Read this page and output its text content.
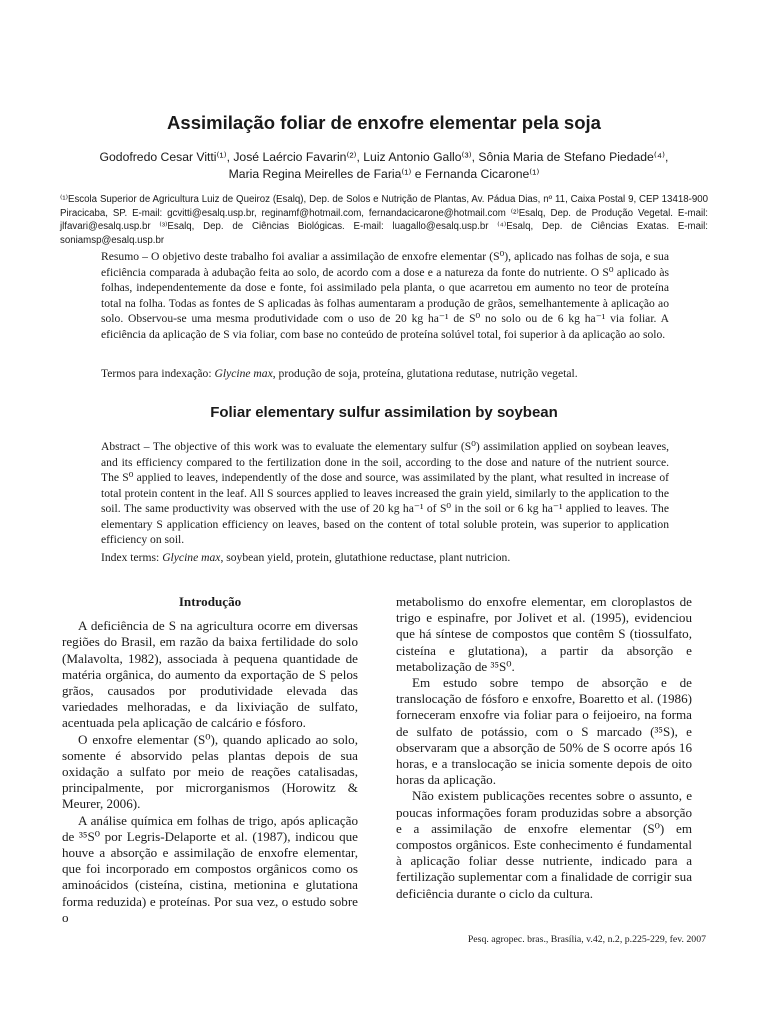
Assimilação foliar de enxofre elementar pela soja
Godofredo Cesar Vitti⁽¹⁾, José Laércio Favarin⁽²⁾, Luiz Antonio Gallo⁽³⁾, Sônia Maria de Stefano Piedade⁽⁴⁾,
Maria Regina Meirelles de Faria⁽¹⁾ e Fernanda Cicarone⁽¹⁾
⁽¹⁾Escola Superior de Agricultura Luiz de Queiroz (Esalq), Dep. de Solos e Nutrição de Plantas, Av. Pádua Dias, nº 11, Caixa Postal 9, CEP 13418-900 Piracicaba, SP. E-mail: gcvitti@esalq.usp.br, reginamf@hotmail.com, fernandacicarone@hotmail.com ⁽²⁾Esalq, Dep. de Produção Vegetal. E-mail: jlfavari@esalq.usp.br ⁽³⁾Esalq, Dep. de Ciências Biológicas. E-mail: luagallo@esalq.usp.br ⁽⁴⁾Esalq, Dep. de Ciências Exatas. E-mail: soniamsp@esalq.usp.br
Resumo – O objetivo deste trabalho foi avaliar a assimilação de enxofre elementar (S⁰), aplicado nas folhas de soja, e sua eficiência comparada à adubação feita ao solo, de acordo com a dose e a natureza da fonte do nutriente. O S⁰ aplicado às folhas, independentemente da dose e fonte, foi assimilado pela planta, o que acarretou em aumento no teor de proteína total na folha. Todas as fontes de S aplicadas às folhas aumentaram a produção de grãos, semelhantemente à aplicação ao solo. Observou-se uma mesma produtividade com o uso de 20 kg ha⁻¹ de S⁰ no solo ou de 6 kg ha⁻¹ via foliar. A eficiência da aplicação de S via foliar, com base no conteúdo de proteína solúvel total, foi superior à da aplicação ao solo.
Termos para indexação: Glycine max, produção de soja, proteína, glutationa redutase, nutrição vegetal.
Foliar elementary sulfur assimilation by soybean
Abstract – The objective of this work was to evaluate the elementary sulfur (S⁰) assimilation applied on soybean leaves, and its efficiency compared to the fertilization done in the soil, according to the dose and nature of the nutrient source. The S⁰ applied to leaves, independently of the dose and source, was assimilated by the plant, what resulted in increase of total protein content in the leaf. All S sources applied to leaves increased the grain yield, similarly to the application to the soil. The same productivity was observed with the use of 20 kg ha⁻¹ of S⁰ in the soil or 6 kg ha⁻¹ applied to leaves. The elementary S application efficiency on leaves, based on the content of total soluble protein, was superior to application efficiency on soil.
Index terms: Glycine max, soybean yield, protein, glutathione reductase, plant nutricion.
Introdução

A deficiência de S na agricultura ocorre em diversas regiões do Brasil, em razão da baixa fertilidade do solo (Malavolta, 1982), associada à pequena quantidade de matéria orgânica, do aumento da exportação de S pelos grãos, causados por produtividade elevada das variedades melhoradas, e da lixiviação de sulfato, acentuada pela aplicação de calcário e fósforo.

O enxofre elementar (S⁰), quando aplicado ao solo, somente é absorvido pelas plantas depois de sua oxidação a sulfato por meio de reações catalisadas, principalmente, por microrganismos (Horowitz & Meurer, 2006).

A análise química em folhas de trigo, após aplicação de ³⁵S⁰ por Legris-Delaporte et al. (1987), indicou que houve a absorção e assimilação de enxofre elementar, que foi incorporado em compostos orgânicos como os aminoácidos (cisteína, cistina, metionina e glutationa forma reduzida) e proteínas. Por sua vez, o estudo sobre o

metabolismo do enxofre elementar, em cloroplastos de trigo e espinafre, por Jolivet et al. (1995), evidenciou que há síntese de compostos que contêm S (tiossulfato, cisteína e glutationa), a partir da absorção e metabolização de ³⁵S⁰.

Em estudo sobre tempo de absorção e de translocação de fósforo e enxofre, Boaretto et al. (1986) forneceram enxofre via foliar para o feijoeiro, na forma de sulfato de potássio, com o S marcado (³⁵S), e observaram que a absorção de 50% de S ocorre após 16 horas, e a translocação se inicia somente depois de oito horas da aplicação.

Não existem publicações recentes sobre o assunto, e poucas informações foram produzidas sobre a absorção e a assimilação de enxofre elementar (S⁰) em compostos orgânicos. Este conhecimento é fundamental à aplicação foliar desse nutriente, indicado para a fertilização suplementar com a finalidade de corrigir sua deficiência durante o ciclo da cultura.

Pesq. agropec. bras., Brasília, v.42, n.2, p.225-229, fev. 2007
